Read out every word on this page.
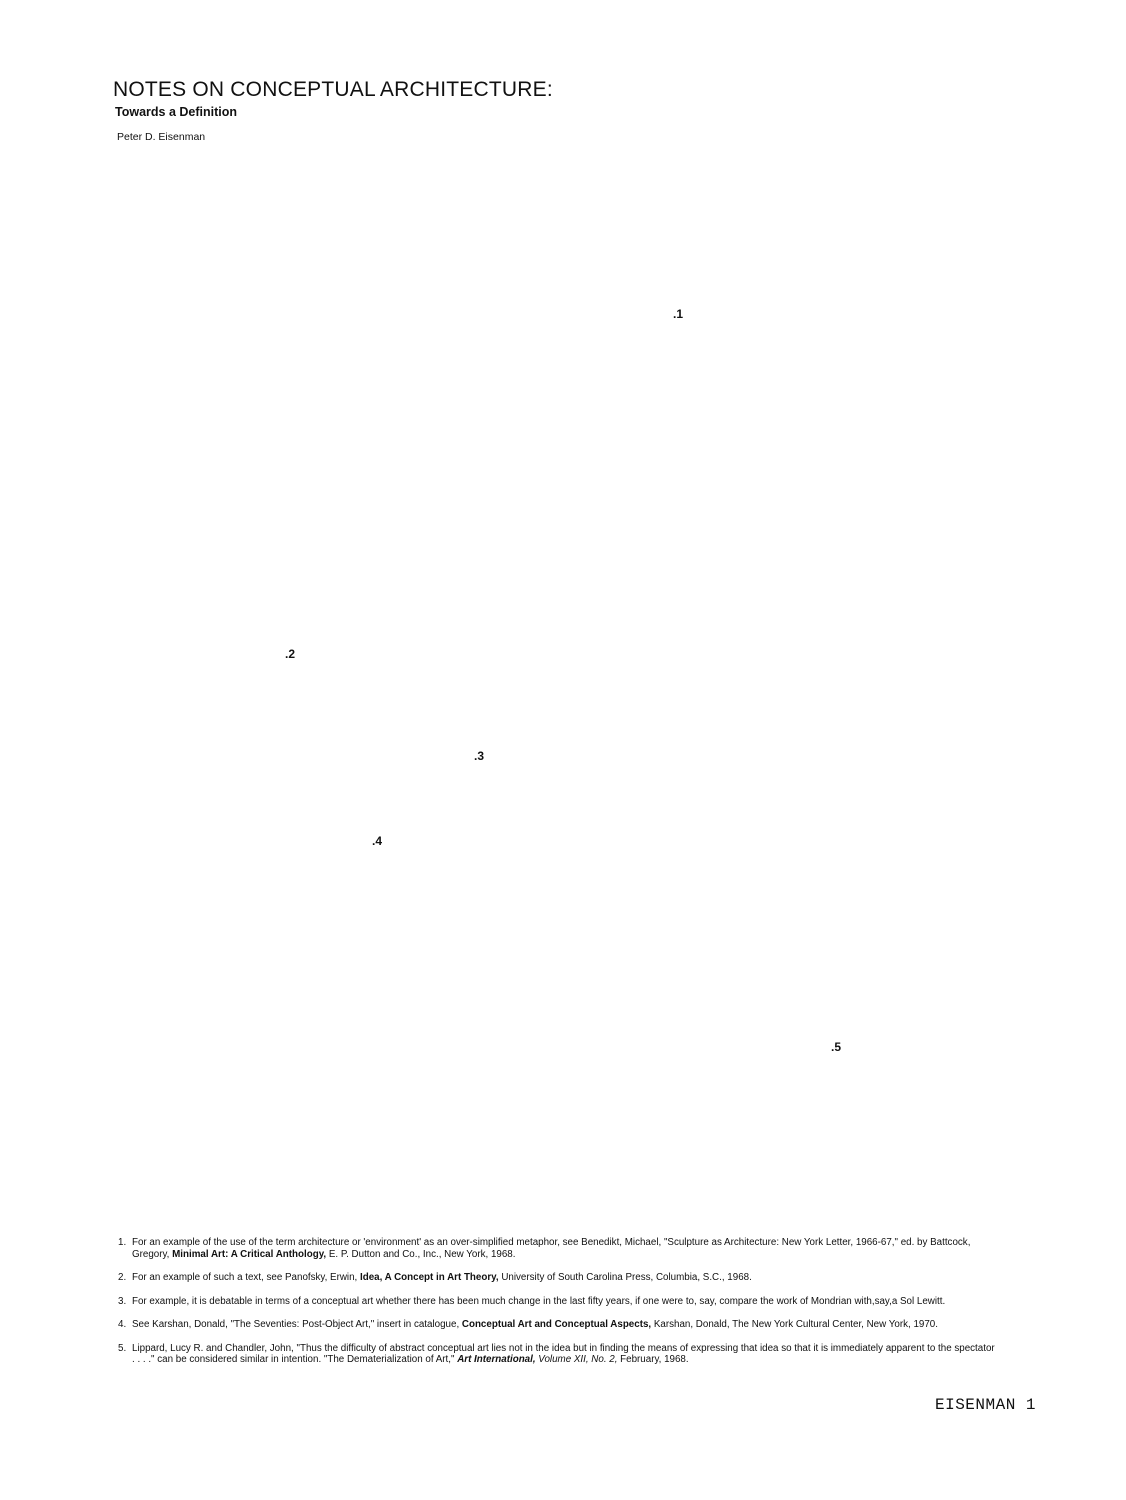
NOTES ON CONCEPTUAL ARCHITECTURE:
Towards a Definition

Peter D. Eisenman

.1
.2
.3
.4
.5
1. For an example of the use of the term architecture or 'environment' as an over-simplified metaphor, see Benedikt, Michael, "Sculpture as Architecture: New York Letter, 1966-67," ed. by Battcock, Gregory, Minimal Art: A Critical Anthology, E. P. Dutton and Co., Inc., New York, 1968.
2. For an example of such a text, see Panofsky, Erwin, Idea, A Concept in Art Theory, University of South Carolina Press, Columbia, S.C., 1968.
3. For example, it is debatable in terms of a conceptual art whether there has been much change in the last fifty years, if one were to, say, compare the work of Mondrian with,say,a Sol Lewitt.
4. See Karshan, Donald, "The Seventies: Post-Object Art," insert in catalogue, Conceptual Art and Conceptual Aspects, Karshan, Donald, The New York Cultural Center, New York, 1970.
5. Lippard, Lucy R. and Chandler, John, "Thus the difficulty of abstract conceptual art lies not in the idea but in finding the means of expressing that idea so that it is immediately apparent to the spectator . . . ." can be considered similar in intention. "The Dematerialization of Art," Art International, Volume XII, No. 2, February, 1968.
EISENMAN 1
